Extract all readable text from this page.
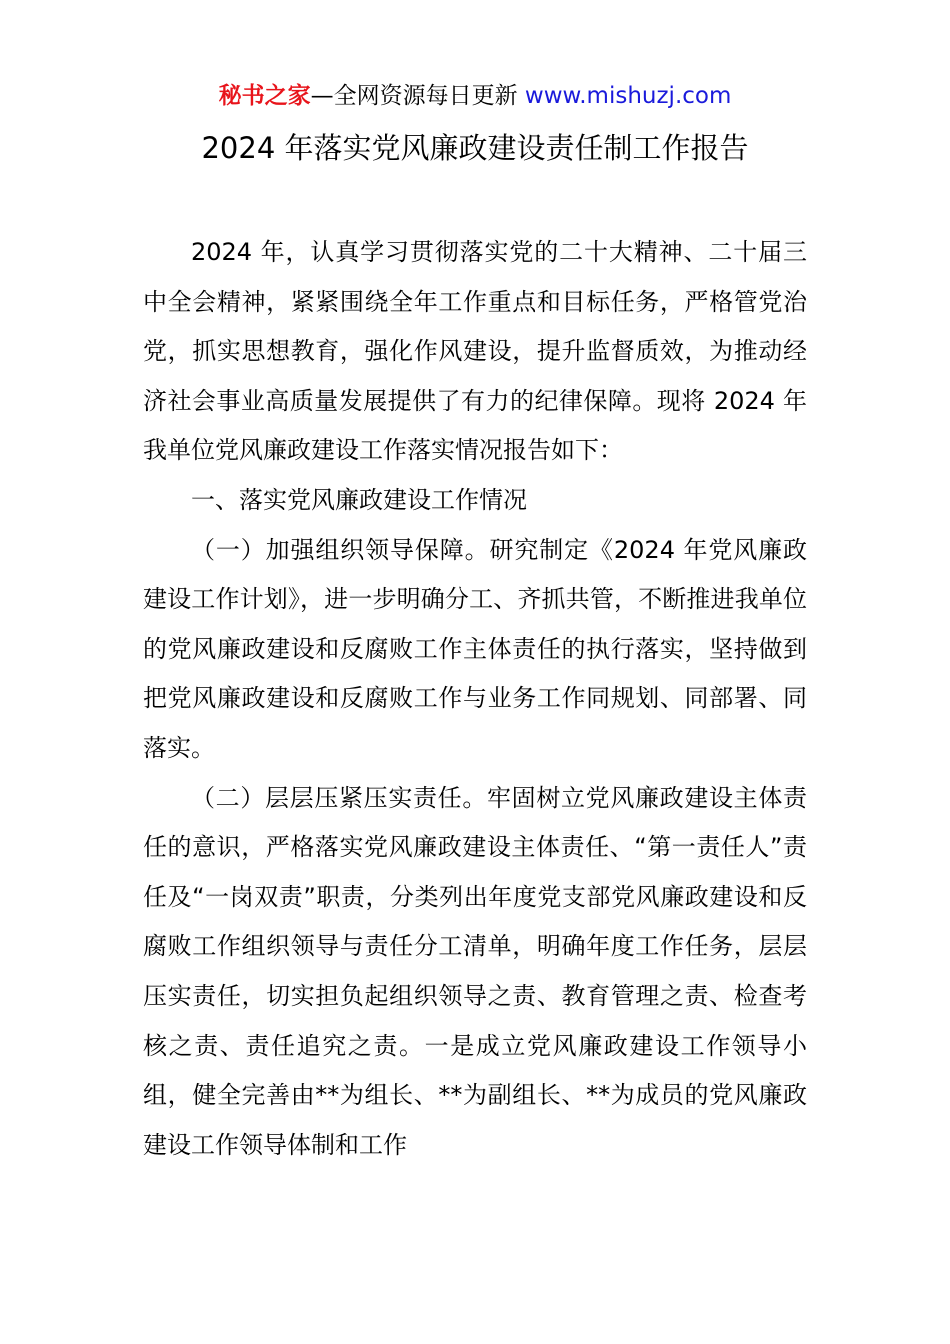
秘书之家—全网资源每日更新 www.mishuzj.com
2024 年落实党风廉政建设责任制工作报告

2024 年，认真学习贯彻落实党的二十大精神、二十届三中全会精神，紧紧围绕全年工作重点和目标任务，严格管党治党，抓实思想教育，强化作风建设，提升监督质效，为推动经济社会事业高质量发展提供了有力的纪律保障。现将 2024 年我单位党风廉政建设工作落实情况报告如下：

一、落实党风廉政建设工作情况

（一）加强组织领导保障。研究制定《2024 年党风廉政建设工作计划》，进一步明确分工、齐抓共管，不断推进我单位的党风廉政建设和反腐败工作主体责任的执行落实，坚持做到把党风廉政建设和反腐败工作与业务工作同规划、同部署、同落实。

（二）层层压紧压实责任。牢固树立党风廉政建设主体责任的意识，严格落实党风廉政建设主体责任、“第一责任人”责任及“一岗双责”职责，分类列出年度党支部党风廉政建设和反腐败工作组织领导与责任分工清单，明确年度工作任务，层层压实责任，切实担负起组织领导之责、教育管理之责、检查考核之责、责任追究之责。一是成立党风廉政建设工作领导小组，健全完善由**为组长、**为副组长、**为成员的党风廉政建设工作领导体制和工作
